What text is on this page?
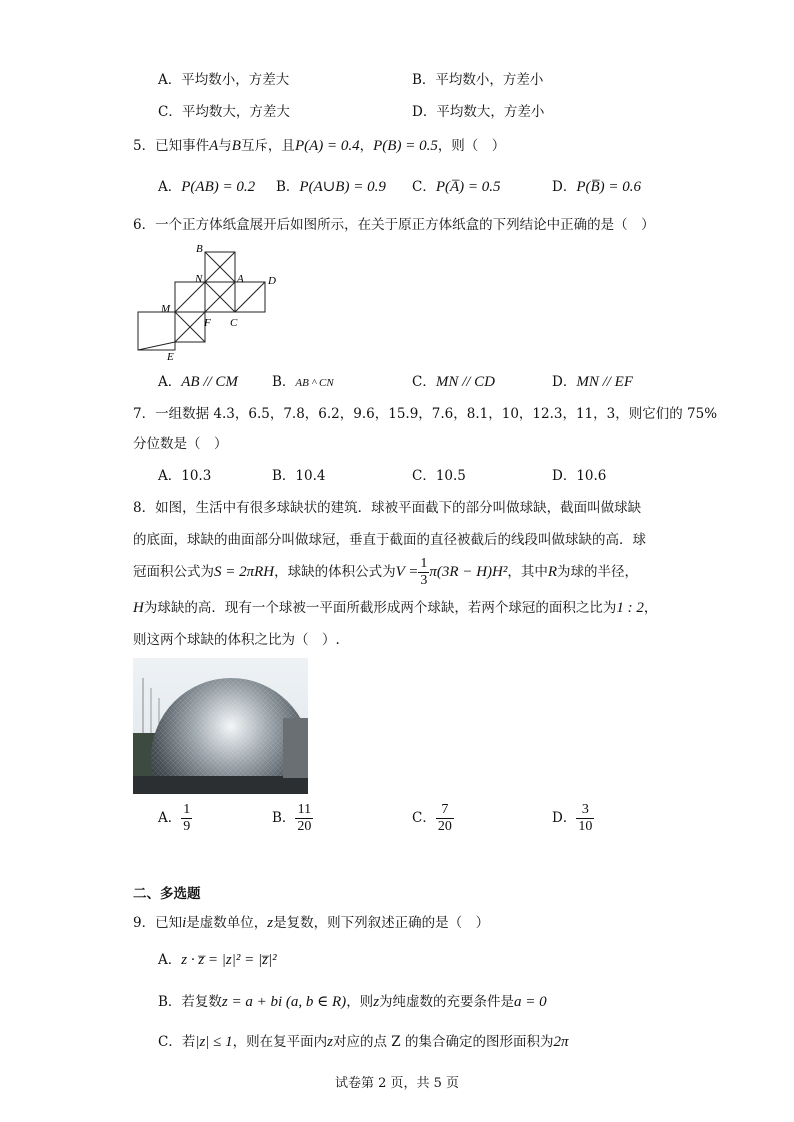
A．平均数小，方差大	B．平均数小，方差小
C．平均数大，方差大	D．平均数大，方差小
5．已知事件A与B互斥，且P(A) = 0.4，P(B) = 0.5，则（　）
A．P(AB) = 0.2 B．P(A∪B) = 0.9 C．P(A̅) = 0.5	D．P(B̅) = 0.6
6．一个正方体纸盒展开后如图所示，在关于原正方体纸盒的下列结论中正确的是（　）
B
N	A D
M
F C
E
A．AB // CM	B．AB ^ CN	C．MN // CD	D．MN // EF
7．一组数据 4.3，6.5，7.8，6.2，9.6，15.9，7.6，8.1，10，12.3，11，3，则它们的 75%
分位数是（　）
A．10.3	B．10.4	C．10.5	D．10.6
8．如图，生活中有很多球缺状的建筑．球被平面截下的部分叫做球缺，截面叫做球缺
的底面，球缺的曲面部分叫做球冠，垂直于截面的直径被截后的线段叫做球缺的高．球
冠面积公式为S = 2πRH，球缺的体积公式为$V = \frac{1}{3} \pi(3R - H)H^2$，其中R为球的半径，
H为球缺的高．现有一个球被一平面所截形成两个球缺，若两个球冠的面积之比为1 : 2，
则这两个球缺的体积之比为（　）.
A． $\frac{1}{9}$	B． $\frac{11}{20}$	C． $\frac{7}{20}$	D． $\frac{3}{10}$
二、多选题
9．已知i是虚数单位，z是复数，则下列叙述正确的是（　）
A．z · z̅ = |z|² = |z̅|²
B．若复数z = a + bi (a, b ∈ R)，则z为纯虚数的充要条件是a = 0
C．若|z| ≤ 1，则在复平面内z对应的点 Z 的集合确定的图形面积为2π
试卷第 2 页，共 5 页
